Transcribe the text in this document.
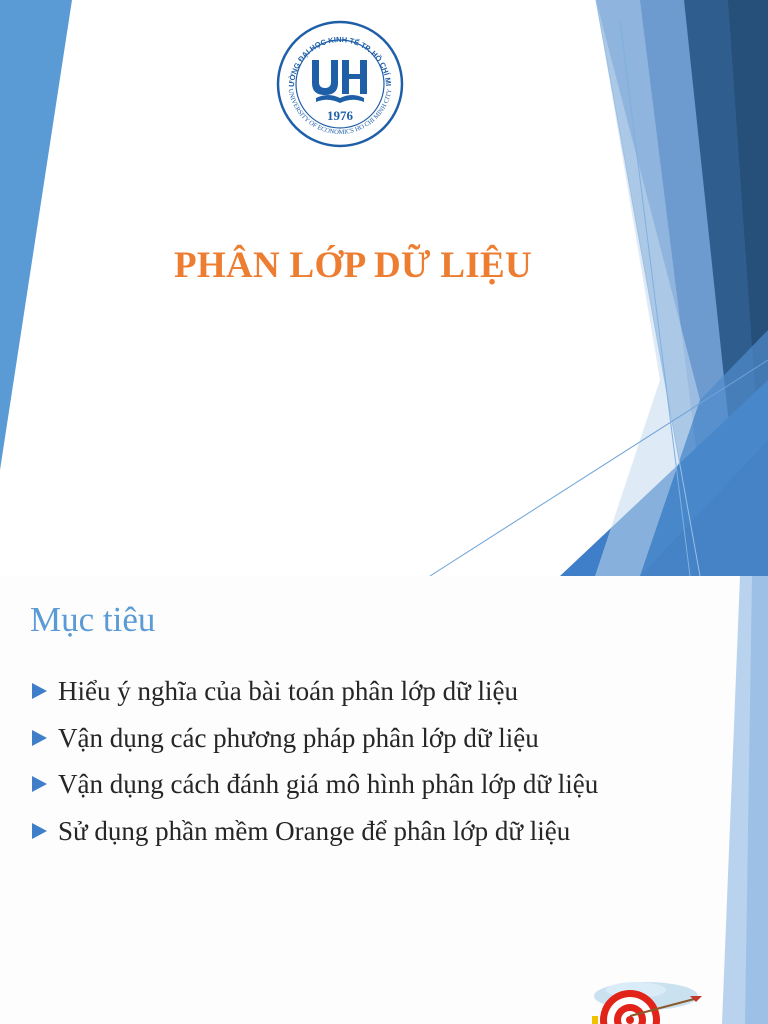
ƯỜNG ĐẠI HỌC KINH TẾ TP. HỒ CHÍ MI
UNIVERSITY OF ECONOMICS HO CHI MINH CITY
1976
PHÂN LỚP DỮ LIỆU
Mục tiêu
Hiểu ý nghĩa của bài toán phân lớp dữ liệu
Vận dụng các phương pháp phân lớp dữ liệu
Vận dụng cách đánh giá mô hình phân lớp dữ liệu
Sử dụng phần mềm Orange để phân lớp dữ liệu
